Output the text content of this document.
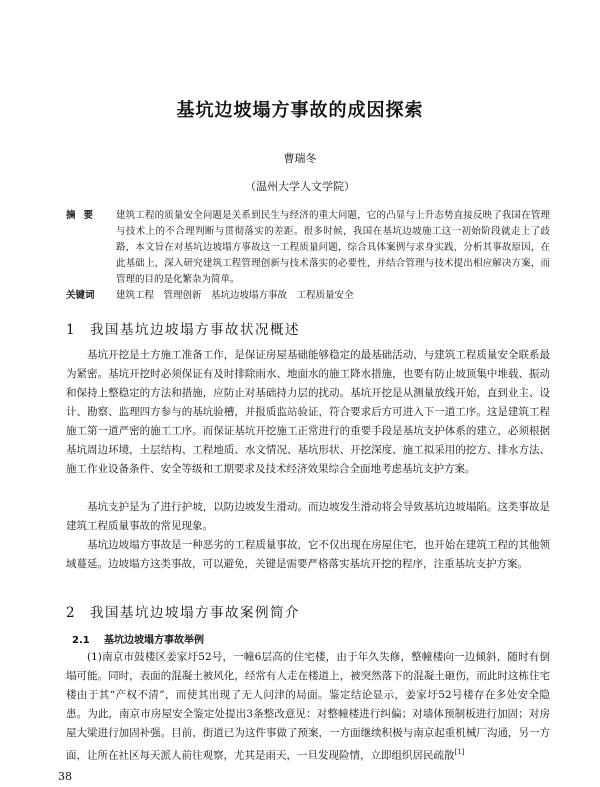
基坑边坡塌方事故的成因探索
曹瑞冬
（温州大学人文学院）
摘要	建筑工程的质量安全问题是关系到民生与经济的重大问题，它的凸显与上升态势直接反映了我国在管理与技术上的不合理判断与贯彻落实的差距。很多时候，我国在基坑边坡施工这一初始阶段就走上了歧路，本文旨在对基坑边坡塌方事故这一工程质量问题，综合具体案例与求身实践，分析其事故原因，在此基础上，深入研究建筑工程管理创新与技术落实的必要性，并结合管理与技术提出相应解决方案，而管理的目的是化繁杂为简单。
关键词	建筑工程　管理创新　基坑边坡塌方事故　工程质量安全
1 我国基坑边坡塌方事故状况概述
基坑开挖是土方施工准备工作，是保证房屋基础能够稳定的最基础活动，与建筑工程质量安全联系最为紧密。基坑开挖时必须保证有及时排除雨水、地面水的施工降水措施，也要有防止坡顶集中堆载、振动和保持上整稳定的方法和措施，应防止对基础持力层的扰动。基坑开挖是从测量放线开始，直到业主、设计、勘察、监理四方参与的基坑验槽，并报质监站验证，符合要求后方可进入下一道工序。这是建筑工程施工第一道严密的施工工序。而保证基坑开挖施工正常进行的重要手段是基坑支护体系的建立，必须根据基坑周边环境，土层结构、工程地质、水文情况、基坑形状、开挖深度、施工拟采用的挖方、排水方法、施工作业设备条件、安全等级和工期要求及技术经济效果综合全面地考虑基坑支护方案。
基坑支护是为了进行护坡，以防边坡发生滑动。而边坡发生滑动将会导致基坑边坡塌陷。这类事故是建筑工程质量事故的常见现象。
基坑边坡塌方事故是一种恶劣的工程质量事故，它不仅出现在房屋住宅，也开始在建筑工程的其他领域蔓延。边坡塌方这类事故，可以避免，关键是需要严格落实基坑开挖的程序，注重基坑支护方案。
2 我国基坑边坡塌方事故案例简介
2.1 基坑边坡塌方事故举例
(1)南京市鼓楼区姜家圩52号，一幢6层高的住宅楼，由于年久失修，整幢楼向一边倾斜，随时有倒塌可能。同时，表面的混凝土被风化，经常有人走在楼道上，被突然落下的混凝土砸伤，而此时这栋住宅楼由于其“产权不清”，而使其出现了无人问津的局面。鉴定结论显示，姜家圩52号楼存在多处安全隐患。为此，南京市房屋安全鉴定处提出3条整改意见：对整幢楼进行纠偏；对墙体预制板进行加固；对房屋大梁进行加固补强。目前，街道已为这件事做了预案，一方面继续积极与南京起重机械厂沟通，另一方面，让所在社区每天派人前往观察，尤其是雨天，一旦发现险情，立即组织居民疏散[1]
38
